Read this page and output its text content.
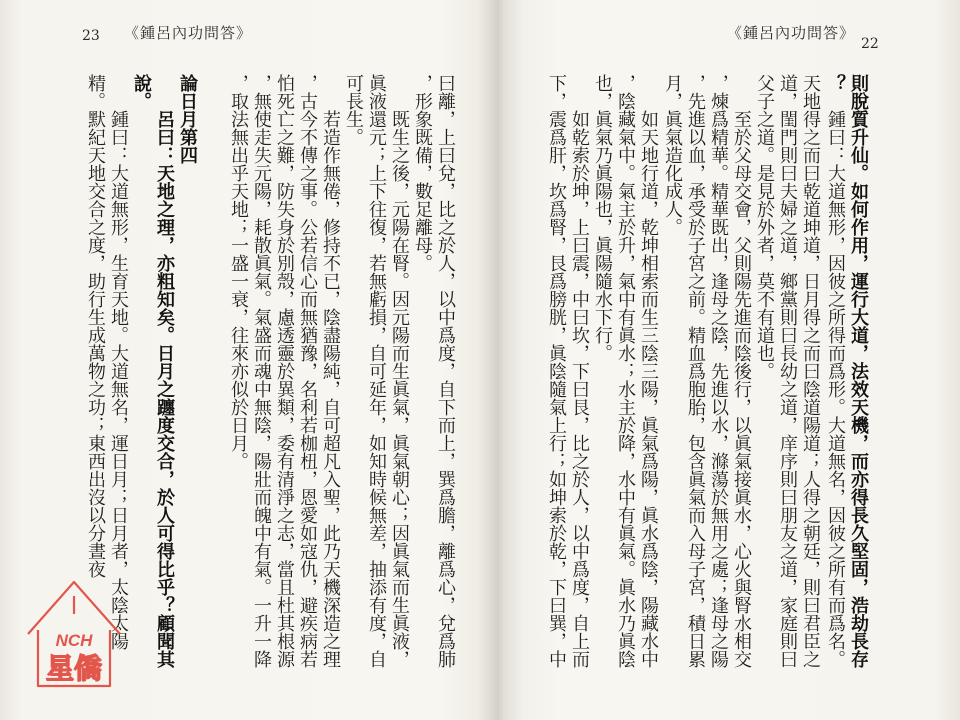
23 《鍾呂內功問答》
曰離，上曰兌，比之於人，以中爲度，自下而上，巽爲膽，離爲心，兌爲肺
，形象既備，數足離母。
既生之後，元陽在腎。因元陽而生眞氣，眞氣朝心；因眞氣而生眞液，
眞液還元；上下往復，若無虧損，自可延年，如知時候無差，抽添有度，自
可長生。
若造作無倦，修持不已，陰盡陽純，自可超凡入聖，此乃天機深造之理
，古今不傳之事。公若信心而無猶豫，名利若枷杻，恩愛如寇仇，避疾病若
怕死亡之難，防失身於別殼，慮透靈於異類，委有清淨之志，當且杜其根源
，無使走失元陽，耗散眞氣。氣盛而魂中無陰，陽壯而魄中有氣。一升一降
，取法無出乎天地；一盛一衰，往來亦似於日月。
論日月第四
呂曰：天地之理，亦粗知矣。日月之躔度交合，於人可得比乎？顧聞其
說。
鍾曰：大道無形，生育天地。大道無名，運日月；日月者，太陰太陽
精。默紀天地交合之度，助行生成萬物之功；東西出沒以分晝夜
《鍾呂內功問答》
22
則脫質升仙。如何作用，運行大道，法效天機，而亦得長久堅固，浩劫長存
？
鍾曰：大道無形，因彼之所得而爲形。大道無名，因彼之所有而爲名。
天地得之而曰乾道坤道，日月得之而曰陰道陽道；人得之朝廷，則曰君臣之
道，閨門則曰夫婦之道，鄉黨則曰長幼之道，庠序則曰朋友之道，家庭則曰
父子之道。是見於外者，莫不有道也。
至於父母交會，父則陽先進而陰後行，以眞氣接眞水，心火與腎水相交
，煉爲精華。精華既出，逢母之陰，先進以水，滌蕩於無用之處；逢母之陽
，先進以血，承受於子宮之前。精血爲胞胎，包含眞氣而入母子宮，積日累
月，眞氣造化成人。
如天地行道，乾坤相索而生三陰三陽，眞氣爲陽，眞水爲陰，陽藏水中
，陰藏氣中。氣主於升，氣中有眞水；水主於降，水中有眞氣。眞水乃眞陰
也，眞氣乃眞陽也，眞陽隨水下行。
如乾索於坤，上曰震，中曰坎，下曰艮，比之於人，以中爲度，自上而
下，震爲肝，坎爲腎，艮爲膀胱，眞陰隨氣上行；如坤索於乾，下曰巽，中
NCH
星僑
